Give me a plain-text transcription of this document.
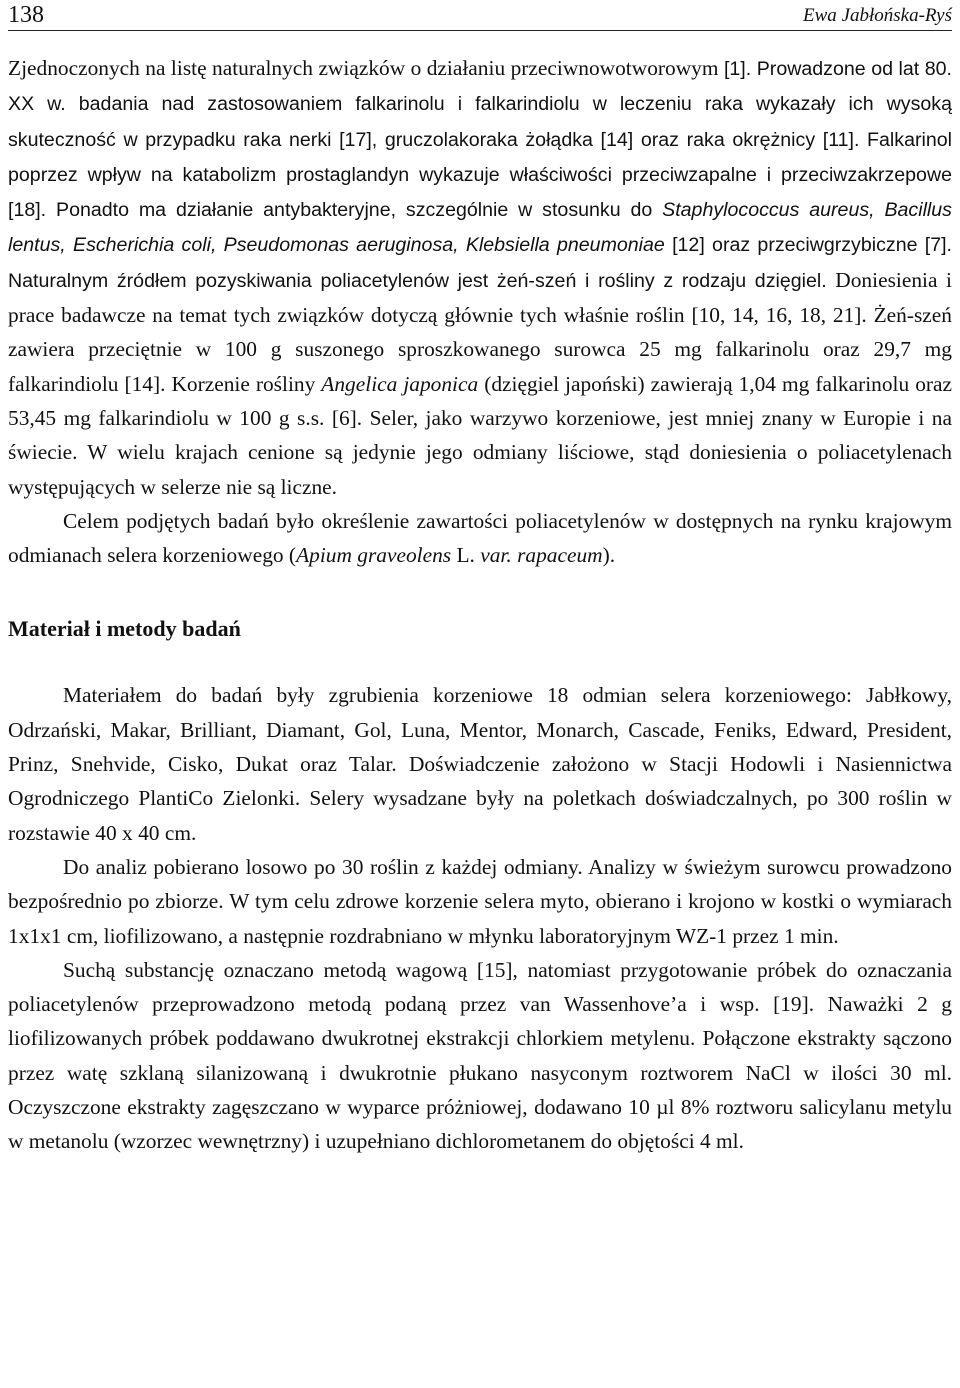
138	Ewa Jabłońska-Ryś

Zjednoczonych na listę naturalnych związków o działaniu przeciwnowotworowym [1]. Prowadzone od lat 80. XX w. badania nad zastosowaniem falkarinolu i falkarindiolu w leczeniu raka wykazały ich wysoką skuteczność w przypadku raka nerki [17], gruczolakoraka żołądka [14] oraz raka okrężnicy [11]. Falkarinol poprzez wpływ na katabolizm prostaglandyn wykazuje właściwości przeciwzapalne i przeciwzakrzepowe [18]. Ponadto ma działanie antybakteryjne, szczególnie w stosunku do Staphylococcus aureus, Bacillus lentus, Escherichia coli, Pseudomonas aeruginosa, Klebsiella pneumoniae [12] oraz przeciwgrzybiczne [7]. Naturalnym źródłem pozyskiwania poliacetylenów jest żeń-szeń i rośliny z rodzaju dzięgiel. Doniesienia i prace badawcze na temat tych związków dotyczą głównie tych właśnie roślin [10, 14, 16, 18, 21]. Żeń-szeń zawiera przeciętnie w 100 g suszonego sproszkowanego surowca 25 mg falkarinolu oraz 29,7 mg falkarindiolu [14]. Korzenie rośliny Angelica japonica (dzięgiel japoński) zawierają 1,04 mg falkarinolu oraz 53,45 mg falkarindiolu w 100 g s.s. [6]. Seler, jako warzywo korzeniowe, jest mniej znany w Europie i na świecie. W wielu krajach cenione są jedynie jego odmiany liściowe, stąd doniesienia o poliacetylenach występujących w selerze nie są liczne.

Celem podjętych badań było określenie zawartości poliacetylenów w dostępnych na rynku krajowym odmianach selera korzeniowego (Apium graveolens L. var. rapaceum).

Materiał i metody badań

Materiałem do badań były zgrubienia korzeniowe 18 odmian selera korzeniowego: Jabłkowy, Odrzański, Makar, Brilliant, Diamant, Gol, Luna, Mentor, Monarch, Cascade, Feniks, Edward, President, Prinz, Snehvide, Cisko, Dukat oraz Talar. Doświadczenie założono w Stacji Hodowli i Nasiennictwa Ogrodniczego PlantiCo Zielonki. Selery wysadzane były na poletkach doświadczalnych, po 300 roślin w rozstawie 40 x 40 cm.

Do analiz pobierano losowo po 30 roślin z każdej odmiany. Analizy w świeżym surowcu prowadzono bezpośrednio po zbiorze. W tym celu zdrowe korzenie selera myto, obierano i krojono w kostki o wymiarach 1x1x1 cm, liofilizowano, a następnie rozdrabniano w młynku laboratoryjnym WZ-1 przez 1 min.

Suchą substancję oznaczano metodą wagową [15], natomiast przygotowanie próbek do oznaczania poliacetylenów przeprowadzono metodą podaną przez van Wassenhove’a i wsp. [19]. Naważki 2 g liofilizowanych próbek poddawano dwukrotnej ekstrakcji chlorkiem metylenu. Połączone ekstrakty sączono przez watę szklaną silanizowaną i dwukrotnie płukano nasyconym roztworem NaCl w ilości 30 ml. Oczyszczone ekstrakty zagęszczano w wyparce próżniowej, dodawano 10 µl 8% roztworu salicylanu metylu w metanolu (wzorzec wewnętrzny) i uzupełniano dichlorometanem do objętości 4 ml.
